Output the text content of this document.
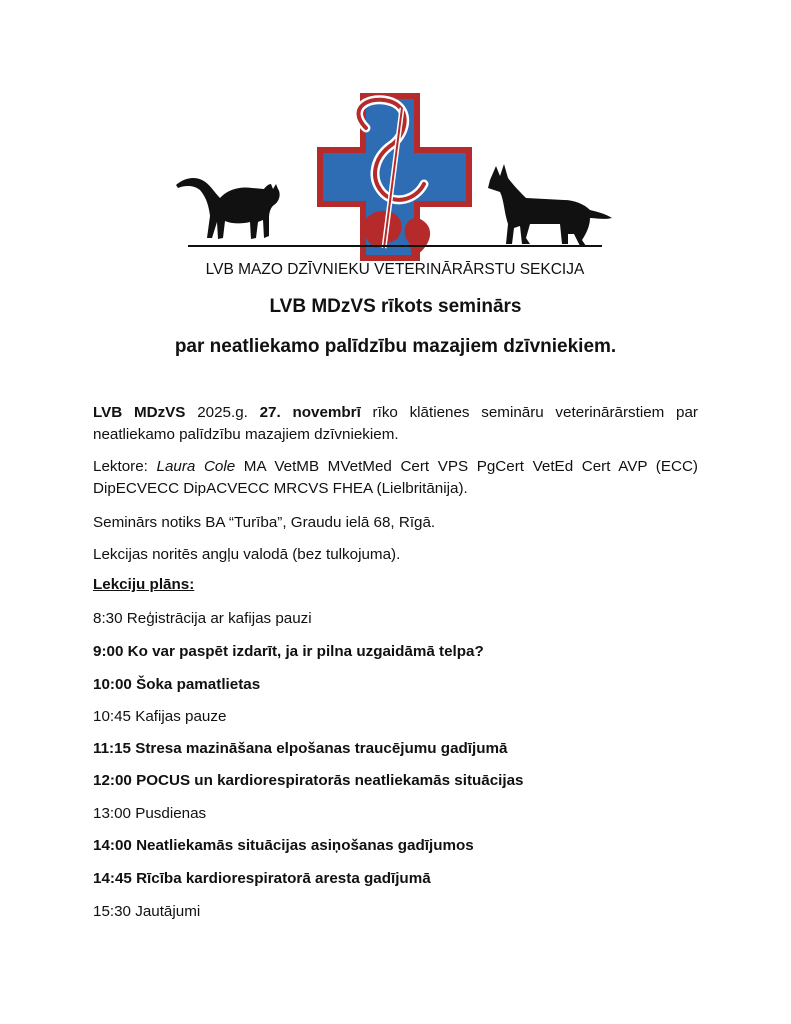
LVB MAZO DZĪVNIEKU VETERINĀRĀRSTU SEKCIJA
LVB MDzVS rīkots seminārs
par neatliekamo palīdzību mazajiem dzīvniekiem.
LVB MDzVS 2025.g. 27. novembrī rīko klātienes semināru veterinārārstiem par neatliekamo palīdzību mazajiem dzīvniekiem.
Lektore: Laura Cole MA VetMB MVetMed Cert VPS PgCert VetEd Cert AVP (ECC) DipECVECC DipACVECC MRCVS FHEA (Lielbritānija).
Seminārs notiks BA “Turība”, Graudu ielā 68, Rīgā.
Lekcijas noritēs angļu valodā (bez tulkojuma).
Lekciju plāns:
8:30 Reģistrācija ar kafijas pauzi
9:00 Ko var paspēt izdarīt, ja ir pilna uzgaidāmā telpa?
10:00 Šoka pamatlietas
10:45 Kafijas pauze
11:15 Stresa mazināšana elpošanas traucējumu gadījumā
12:00 POCUS un kardiorespiratorās neatliekamās situācijas
13:00 Pusdienas
14:00 Neatliekamās situācijas asiņošanas gadījumos
14:45 Rīcība kardiorespiratorā aresta gadījumā
15:30 Jautājumi
